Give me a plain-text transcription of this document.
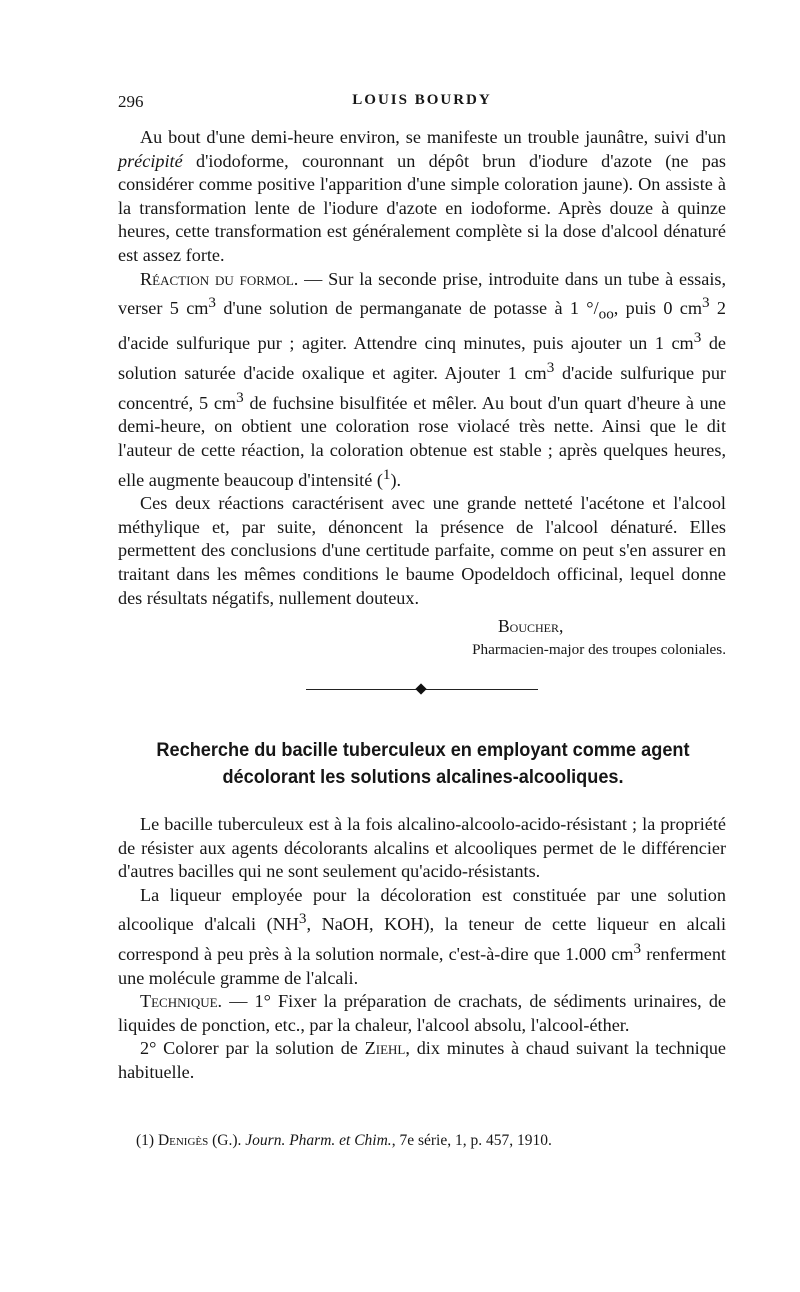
296	LOUIS BOURDY

Au bout d'une demi-heure environ, se manifeste un trouble jaunâtre, suivi d'un précipité d'iodoforme, couronnant un dépôt brun d'iodure d'azote (ne pas considérer comme positive l'apparition d'une simple coloration jaune). On assiste à la transformation lente de l'iodure d'azote en iodoforme. Après douze à quinze heures, cette transformation est généralement complète si la dose d'alcool dénaturé est assez forte.

Réaction du formol. — Sur la seconde prise, introduite dans un tube à essais, verser 5 $cm^3$ d'une solution de permanganate de potasse à 1 $^\circ/_{oo}$, puis 0 $cm^3$ 2 d'acide sulfurique pur ; agiter. Attendre cinq minutes, puis ajouter un 1 $cm^3$ de solution saturée d'acide oxalique et agiter. Ajouter 1 $cm^3$ d'acide sulfurique pur concentré, 5 $cm^3$ de fuchsine bisulfitée et mêler. Au bout d'un quart d'heure à une demi-heure, on obtient une coloration rose violacé très nette. Ainsi que le dit l'auteur de cette réaction, la coloration obtenue est stable ; après quelques heures, elle augmente beaucoup d'intensité ($^1$).

Ces deux réactions caractérisent avec une grande netteté l'acétone et l'alcool méthylique et, par suite, dénoncent la présence de l'alcool dénaturé. Elles permettent des conclusions d'une certitude parfaite, comme on peut s'en assurer en traitant dans les mêmes conditions le baume Opodeldoch officinal, lequel donne des résultats négatifs, nullement douteux.

Boucher,
Pharmacien-major des troupes coloniales.
Recherche du bacille tuberculeux en employant comme agent
décolorant les solutions alcalines-alcooliques.

Le bacille tuberculeux est à la fois alcalino-alcoolo-acido-résistant ; la propriété de résister aux agents décolorants alcalins et alcooliques permet de le différencier d'autres bacilles qui ne sont seulement qu'acido-résistants.

La liqueur employée pour la décoloration est constituée par une solution alcoolique d'alcali ($NH^3$, NaOH, KOH), la teneur de cette liqueur en alcali correspond à peu près à la solution normale, c'est-à-dire que 1.000 $cm^3$ renferment une molécule gramme de l'alcali.

Technique. — 1° Fixer la préparation de crachats, de sédiments urinaires, de liquides de ponction, etc., par la chaleur, l'alcool absolu, l'alcool-éther.

2° Colorer par la solution de Ziehl, dix minutes à chaud suivant la technique habituelle.

(1) Denigès (G.). Journ. Pharm. et Chim., 7e série, 1, p. 457, 1910.
